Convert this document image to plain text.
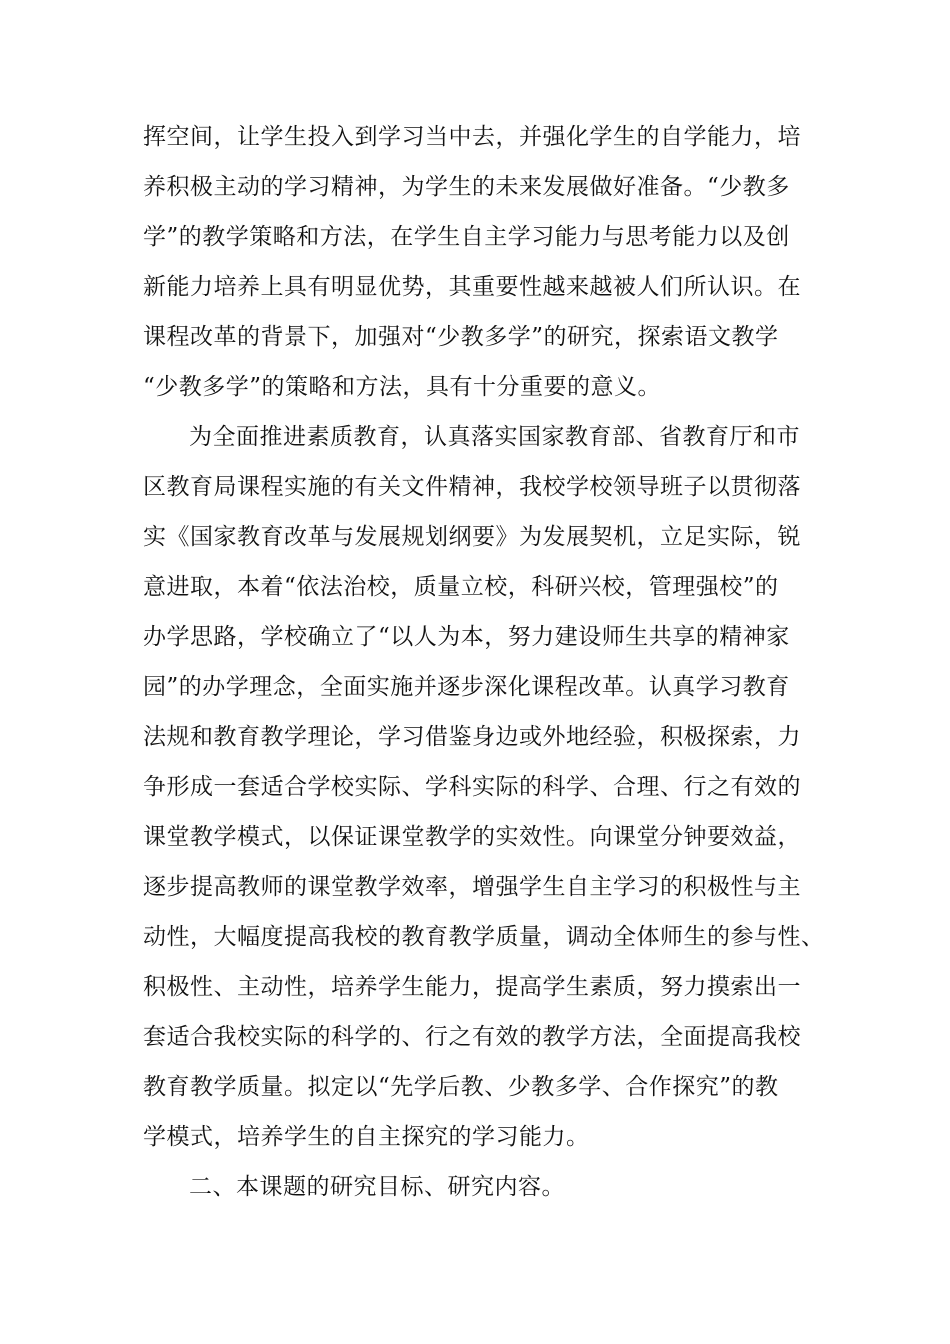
挥空间，让学生投入到学习当中去，并强化学生的自学能力，培
养积极主动的学习精神，为学生的未来发展做好准备。“少教多
学”的教学策略和方法，在学生自主学习能力与思考能力以及创
新能力培养上具有明显优势，其重要性越来越被人们所认识。在
课程改革的背景下，加强对“少教多学”的研究，探索语文教学
“少教多学”的策略和方法，具有十分重要的意义。
为全面推进素质教育，认真落实国家教育部、省教育厅和市
区教育局课程实施的有关文件精神，我校学校领导班子以贯彻落
实《国家教育改革与发展规划纲要》为发展契机，立足实际，锐
意进取，本着“依法治校，质量立校，科研兴校，管理强校”的
办学思路，学校确立了“以人为本，努力建设师生共享的精神家
园”的办学理念，全面实施并逐步深化课程改革。认真学习教育
法规和教育教学理论，学习借鉴身边或外地经验，积极探索，力
争形成一套适合学校实际、学科实际的科学、合理、行之有效的
课堂教学模式，以保证课堂教学的实效性。向课堂分钟要效益，
逐步提高教师的课堂教学效率，增强学生自主学习的积极性与主
动性，大幅度提高我校的教育教学质量，调动全体师生的参与性、
积极性、主动性，培养学生能力，提高学生素质，努力摸索出一
套适合我校实际的科学的、行之有效的教学方法，全面提高我校
教育教学质量。拟定以“先学后教、少教多学、合作探究”的教
学模式，培养学生的自主探究的学习能力。
二、本课题的研究目标、研究内容。
